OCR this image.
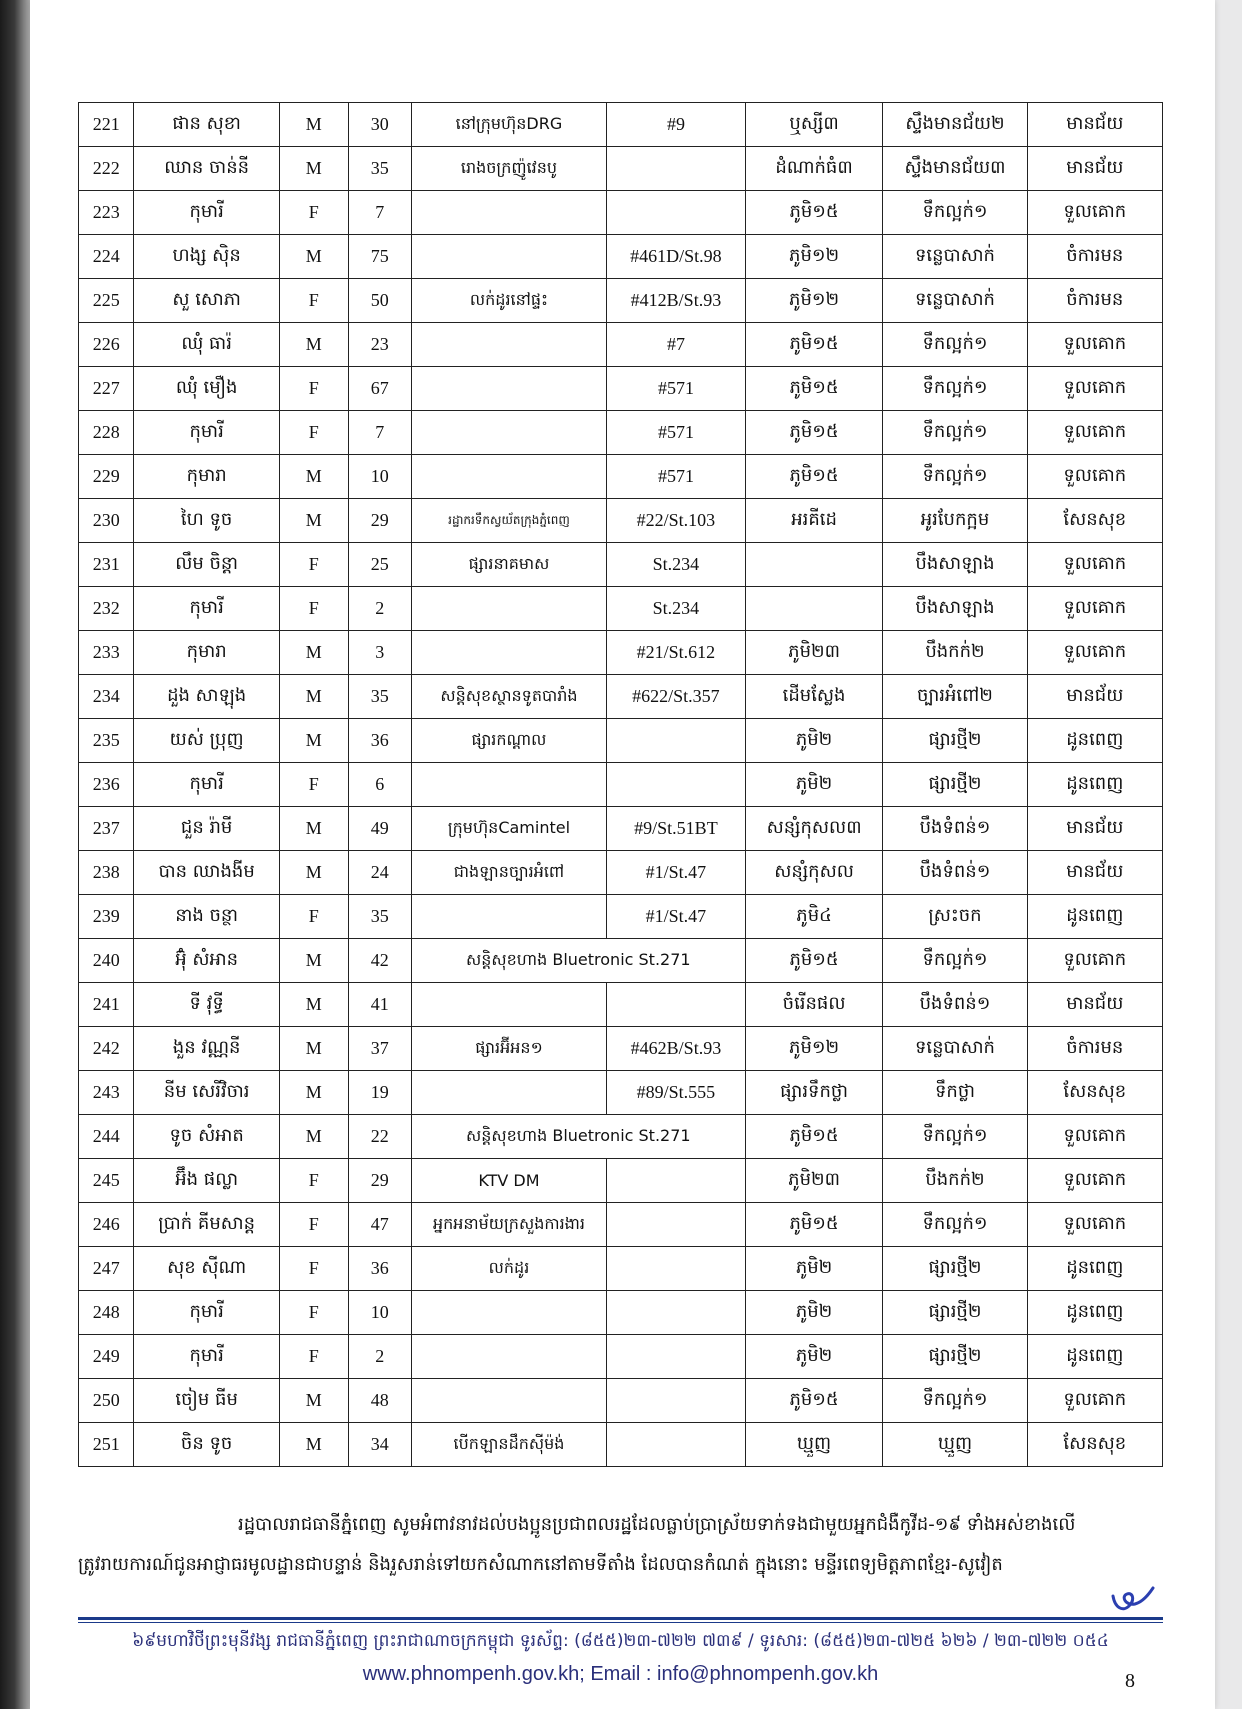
221	ផាន សុខា	M	30	នៅក្រុមហ៊ុនDRG	#9	ឬស្សី៣	ស្ទឹងមានជ័យ២	មានជ័យ
222	ឈាន ចាន់នី	M	35	រោងចក្រញ៉ូវេនបូ		ដំណាក់ធំ៣	ស្ទឹងមានជ័យ៣	មានជ័យ
223	កុមារី	F	7			ភូមិ១៥	ទឹកល្អក់១	ទួលគោក
224	ហង្ស ស៊ិន	M	75		#461D/St.98	ភូមិ១២	ទន្លេបាសាក់	ចំការមន
225	សួ សោភា	F	50	លក់ដូរនៅផ្ទះ	#412B/St.93	ភូមិ១២	ទន្លេបាសាក់	ចំការមន
226	ឈុំ ធារ៉	M	23		#7	ភូមិ១៥	ទឹកល្អក់១	ទួលគោក
227	ឈុំ មឿង	F	67		#571	ភូមិ១៥	ទឹកល្អក់១	ទួលគោក
228	កុមារី	F	7		#571	ភូមិ១៥	ទឹកល្អក់១	ទួលគោក
229	កុមារា	M	10		#571	ភូមិ១៥	ទឹកល្អក់១	ទួលគោក
230	ហៃ ទូច	M	29	រដ្ឋាករទឹកស្វយ័តក្រុងភ្នំពេញ	#22/St.103	អរគីដេ	អូរបែកក្អម	សែនសុខ
231	លឹម ចិន្តា	F	25	ផ្សារនាគមាស	St.234		បឹងសាឡាង	ទួលគោក
232	កុមារី	F	2		St.234		បឹងសាឡាង	ទួលគោក
233	កុមារា	M	3		#21/St.612	ភូមិ២៣	បឹងកក់២	ទួលគោក
234	ដួង សាឡុង	M	35	សន្តិសុខស្ថានទូតបារាំង	#622/St.357	ដើមស្លែង	ច្បារអំពៅ២	មានជ័យ
235	យស់ ប្រុញ	M	36	ផ្សារកណ្តាល		ភូមិ២	ផ្សារថ្មី២	ដូនពេញ
236	កុមារី	F	6			ភូមិ២	ផ្សារថ្មី២	ដូនពេញ
237	ជួន រ៉ាមី	M	49	ក្រុមហ៊ុនCamintel	#9/St.51BT	សន្សំកុសល៣	បឹងទំពន់១	មានជ័យ
238	បាន ឈាងងីម	M	24	ជាងឡានច្បារអំពៅ	#1/St.47	សន្សំកុសល	បឹងទំពន់១	មានជ័យ
239	នាង ចន្ថា	F	35		#1/St.47	ភូមិ៤	ស្រះចក	ដូនពេញ
240	អ៊ុំ សំអាន	M	42	សន្តិសុខហាង Bluetronic St.271		ភូមិ១៥	ទឹកល្អក់១	ទួលគោក
241	ទី វុទ្ធី	M	41			ចំរើនផល	បឹងទំពន់១	មានជ័យ
242	ងួន វណ្ណនី	M	37	ផ្សារអ៊ីអន១	#462B/St.93	ភូមិ១២	ទន្លេបាសាក់	ចំការមន
243	នីម សេរីវិចារ	M	19		#89/St.555	ផ្សារទឹកថ្លា	ទឹកថ្លា	សែនសុខ
244	ទូច សំអាត	M	22	សន្តិសុខហាង Bluetronic St.271		ភូមិ១៥	ទឹកល្អក់១	ទួលគោក
245	អ៊ឹង ផល្លា	F	29	KTV DM		ភូមិ២៣	បឹងកក់២	ទួលគោក
246	ប្រាក់ គីមសាន្ត	F	47	អ្នកអនាម័យក្រសួងការងារ		ភូមិ១៥	ទឹកល្អក់១	ទួលគោក
247	សុខ ស៊ីណា	F	36	លក់ដូរ		ភូមិ២	ផ្សារថ្មី២	ដូនពេញ
248	កុមារី	F	10			ភូមិ២	ផ្សារថ្មី២	ដូនពេញ
249	កុមារី	F	2			ភូមិ២	ផ្សារថ្មី២	ដូនពេញ
250	ចៀម ធីម	M	48			ភូមិ១៥	ទឹកល្អក់១	ទួលគោក
251	ចិន ទូច	M	34	បើកឡានដឹកស៊ីម៉ង់		ឃ្មួញ	ឃ្មួញ	សែនសុខ

រដ្ឋបាលរាជធានីភ្នំពេញ សូមអំពាវនាវដល់បងប្អូនប្រជាពលរដ្ឋដែលធ្លាប់ប្រាស្រ័យទាក់ទងជាមួយអ្នកជំងឺកូវីដ-១៩ ទាំងអស់ខាងលើ

ត្រូវរាយការណ៍ជូនអាជ្ញាធរមូលដ្ឋានជាបន្ទាន់ និងរួសរាន់ទៅយកសំណាកនៅតាមទីតាំង ដែលបានកំណត់ ក្នុងនោះ មន្ទីរពេទ្យមិត្តភាពខ្មែរ-សូវៀត

៦៩មហាវិថីព្រះមុនីវង្ស រាជធានីភ្នំពេញ ព្រះរាជាណាចក្រកម្ពុជា ទូរស័ព្ទ: (៨៥៥)២៣-៧២២ ៧៣៩ / ទូរសារ: (៨៥៥)២៣-៧២៥ ៦២៦ / ២៣-៧២២ ០៥៤
www.phnompenh.gov.kh; Email : info@phnompenh.gov.kh	8
